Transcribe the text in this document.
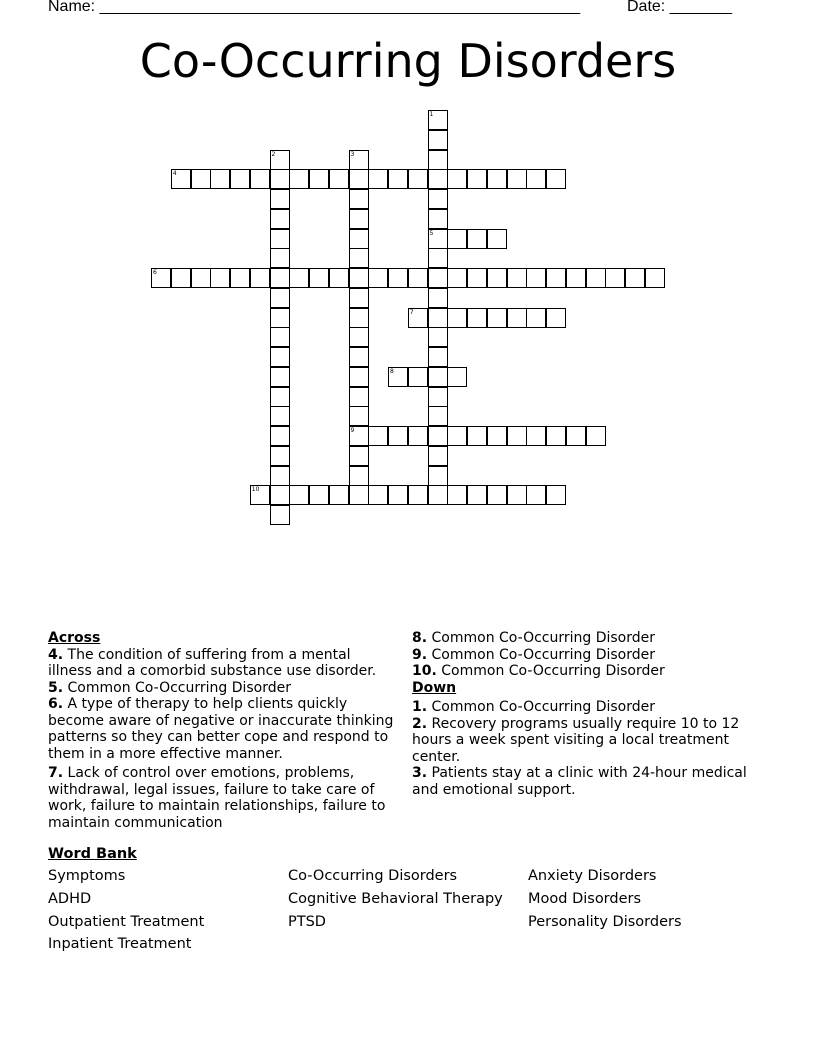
Name: ______________________________________________________

	Date: _______

Co-Occurring Disorders
1
5
2	3
9
4
6
7
8
10
Across

4. The condition of suffering from a mental illness and a comorbid substance use disorder.

5. Common Co-Occurring Disorder

6. A type of therapy to help clients quickly become aware of negative or inaccurate thinking patterns so they can better cope and respond to them in a more effective manner.

7. Lack of control over emotions, problems, withdrawal, legal issues, failure to take care of work, failure to maintain relationships, failure to maintain communication

8. Common Co-Occurring Disorder

9. Common Co-Occurring Disorder

10. Common Co-Occurring Disorder

Down

1. Common Co-Occurring Disorder

2. Recovery programs usually require 10 to 12 hours a week spent visiting a local treatment center.

3. Patients stay at a clinic with 24-hour medical and emotional support.

Word Bank
Symptoms
ADHD
Outpatient Treatment
Inpatient Treatment
Co-Occurring Disorders
Cognitive Behavioral Therapy
PTSD
Anxiety Disorders
Mood Disorders
Personality Disorders
